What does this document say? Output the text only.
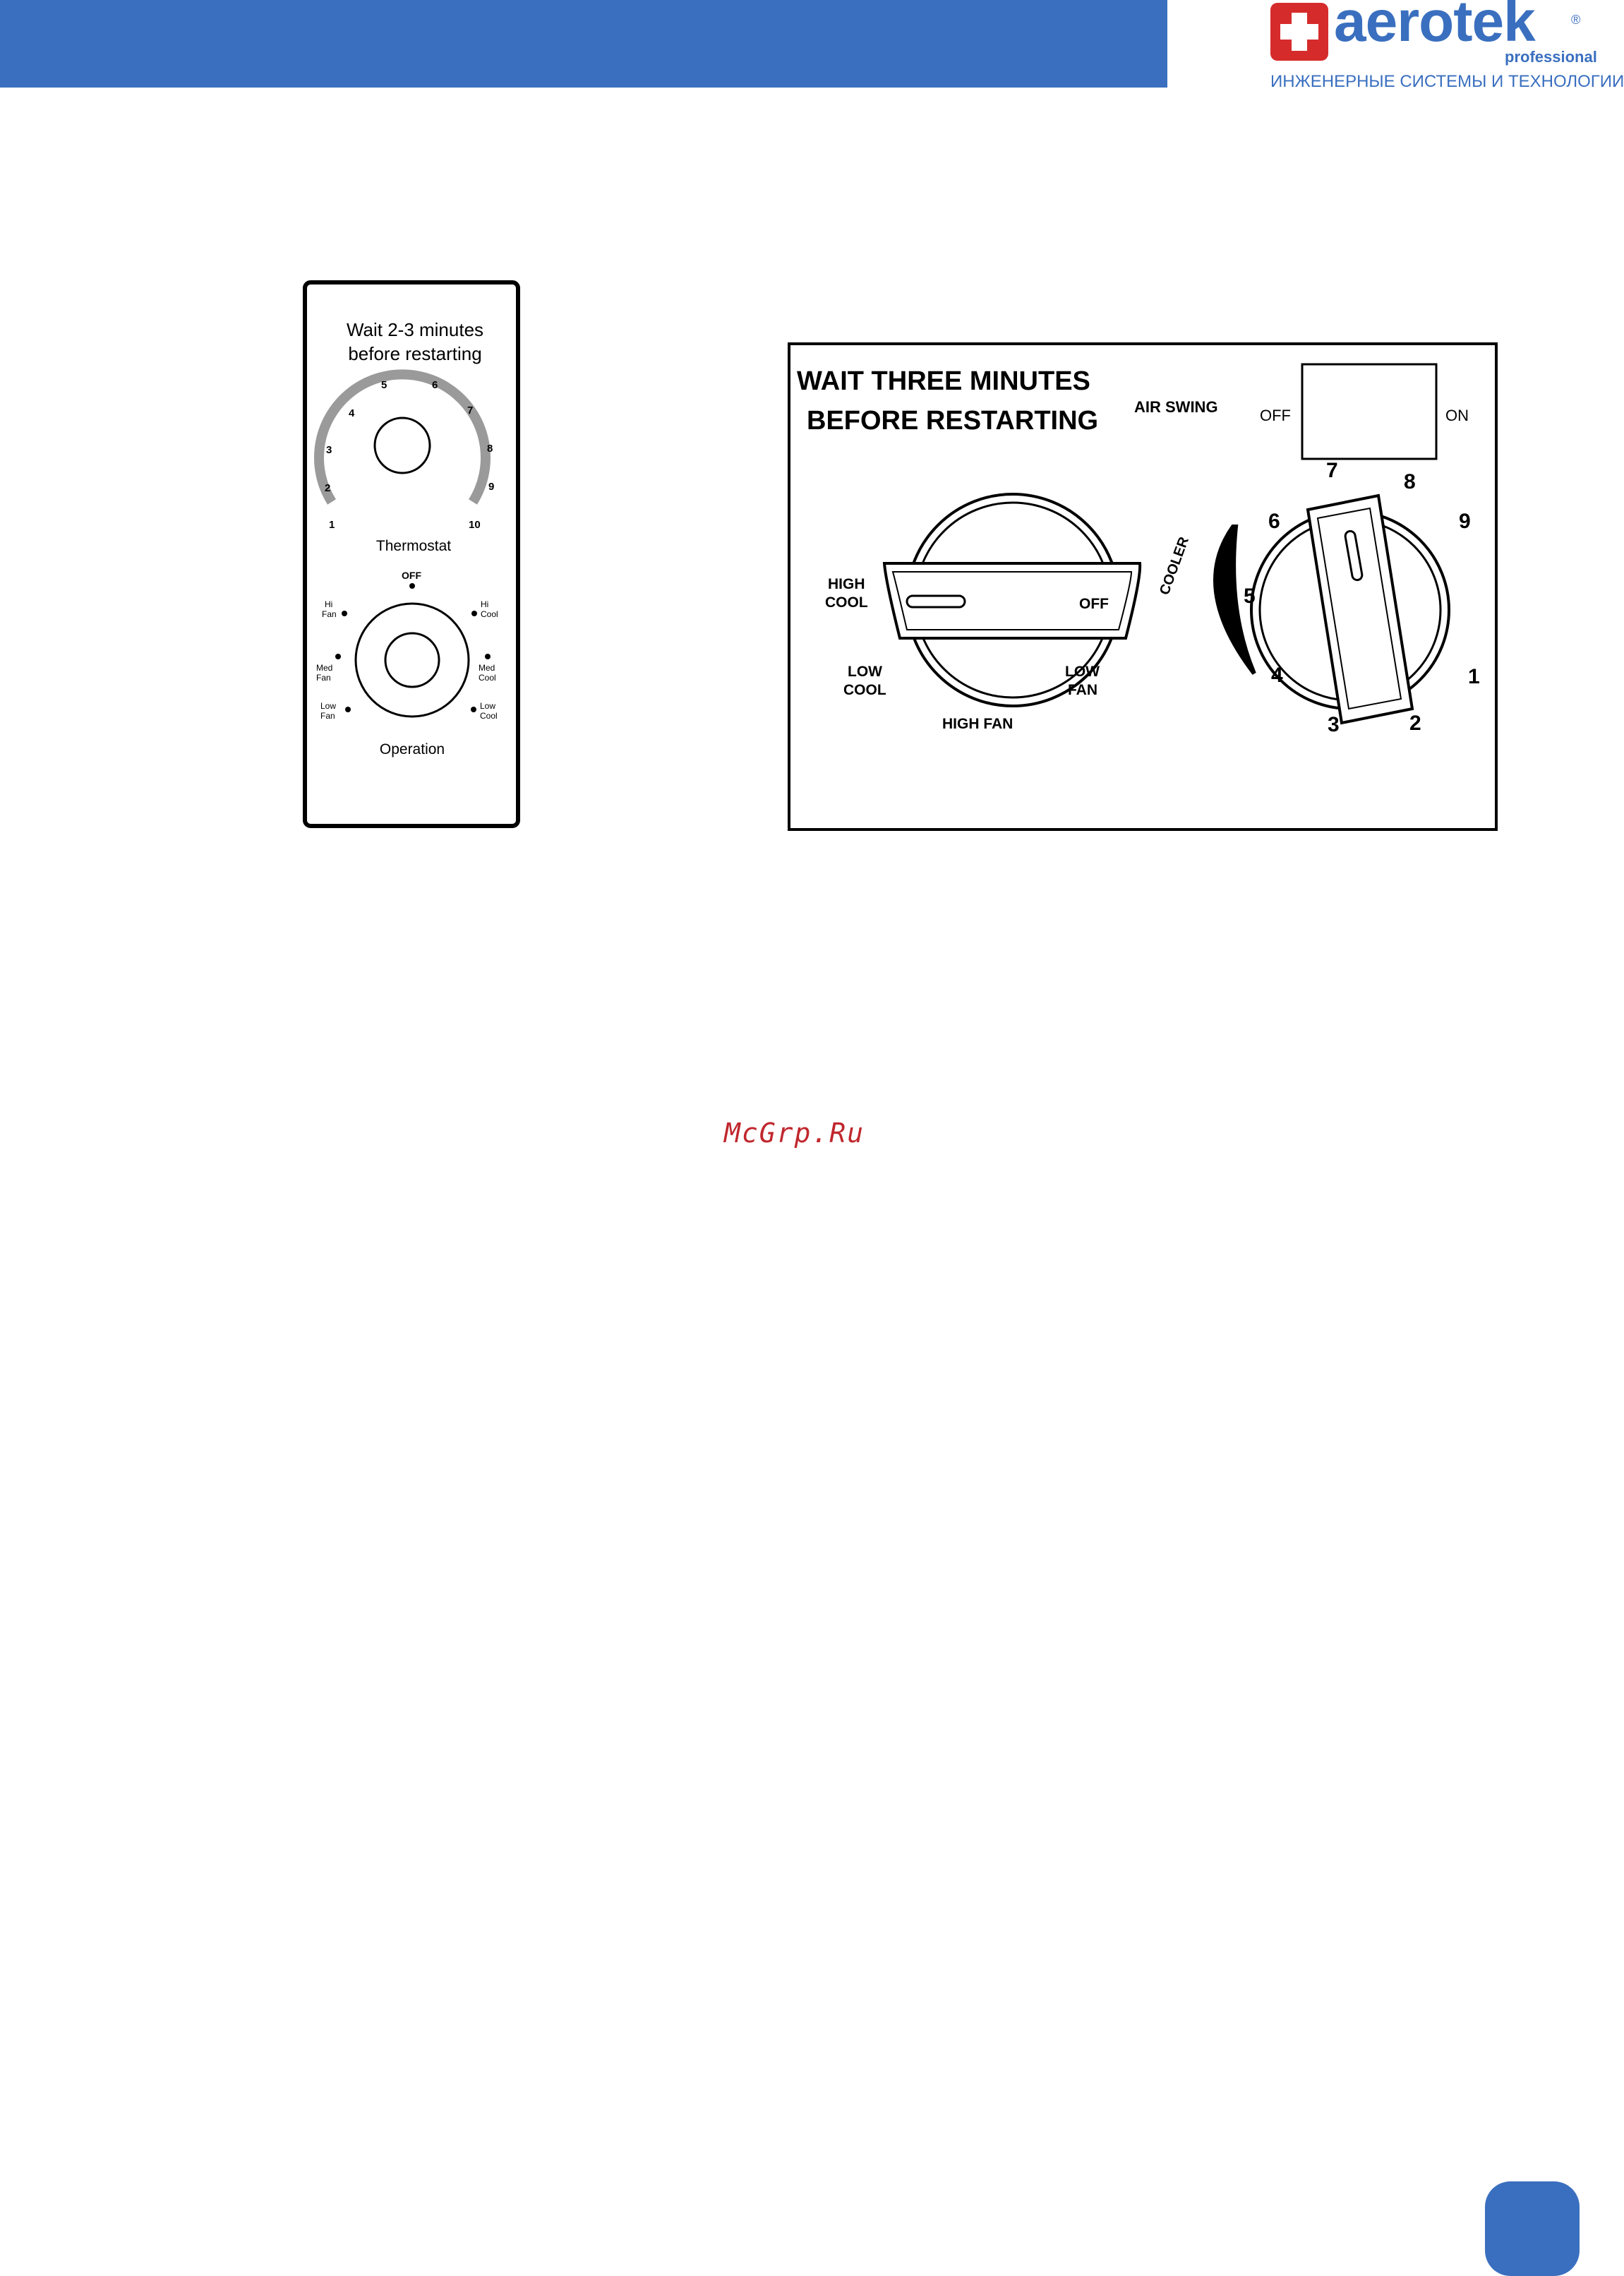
aerotek	®
professional
ИНЖЕНЕРНЫЕ СИСТЕМЫ И ТЕХНОЛОГИИ
Wait 2-3 minutes
before restarting
1
2
3
4
5	6
7
8
9
10
Thermostat
OFF
Hi
Fan
Hi
Cool
Med
Fan
Med
Cool
Low
Fan
Low
Cool
Operation
WAIT THREE MINUTES
BEFORE RESTARTING AIR SWING	OFF	ON
HIGH
COOL	OFF
LOW
COOL
LOW
FAN
HIGH FAN
COOLER
1
2
3
4
5
6
7	8
9
McGrp.Ru
